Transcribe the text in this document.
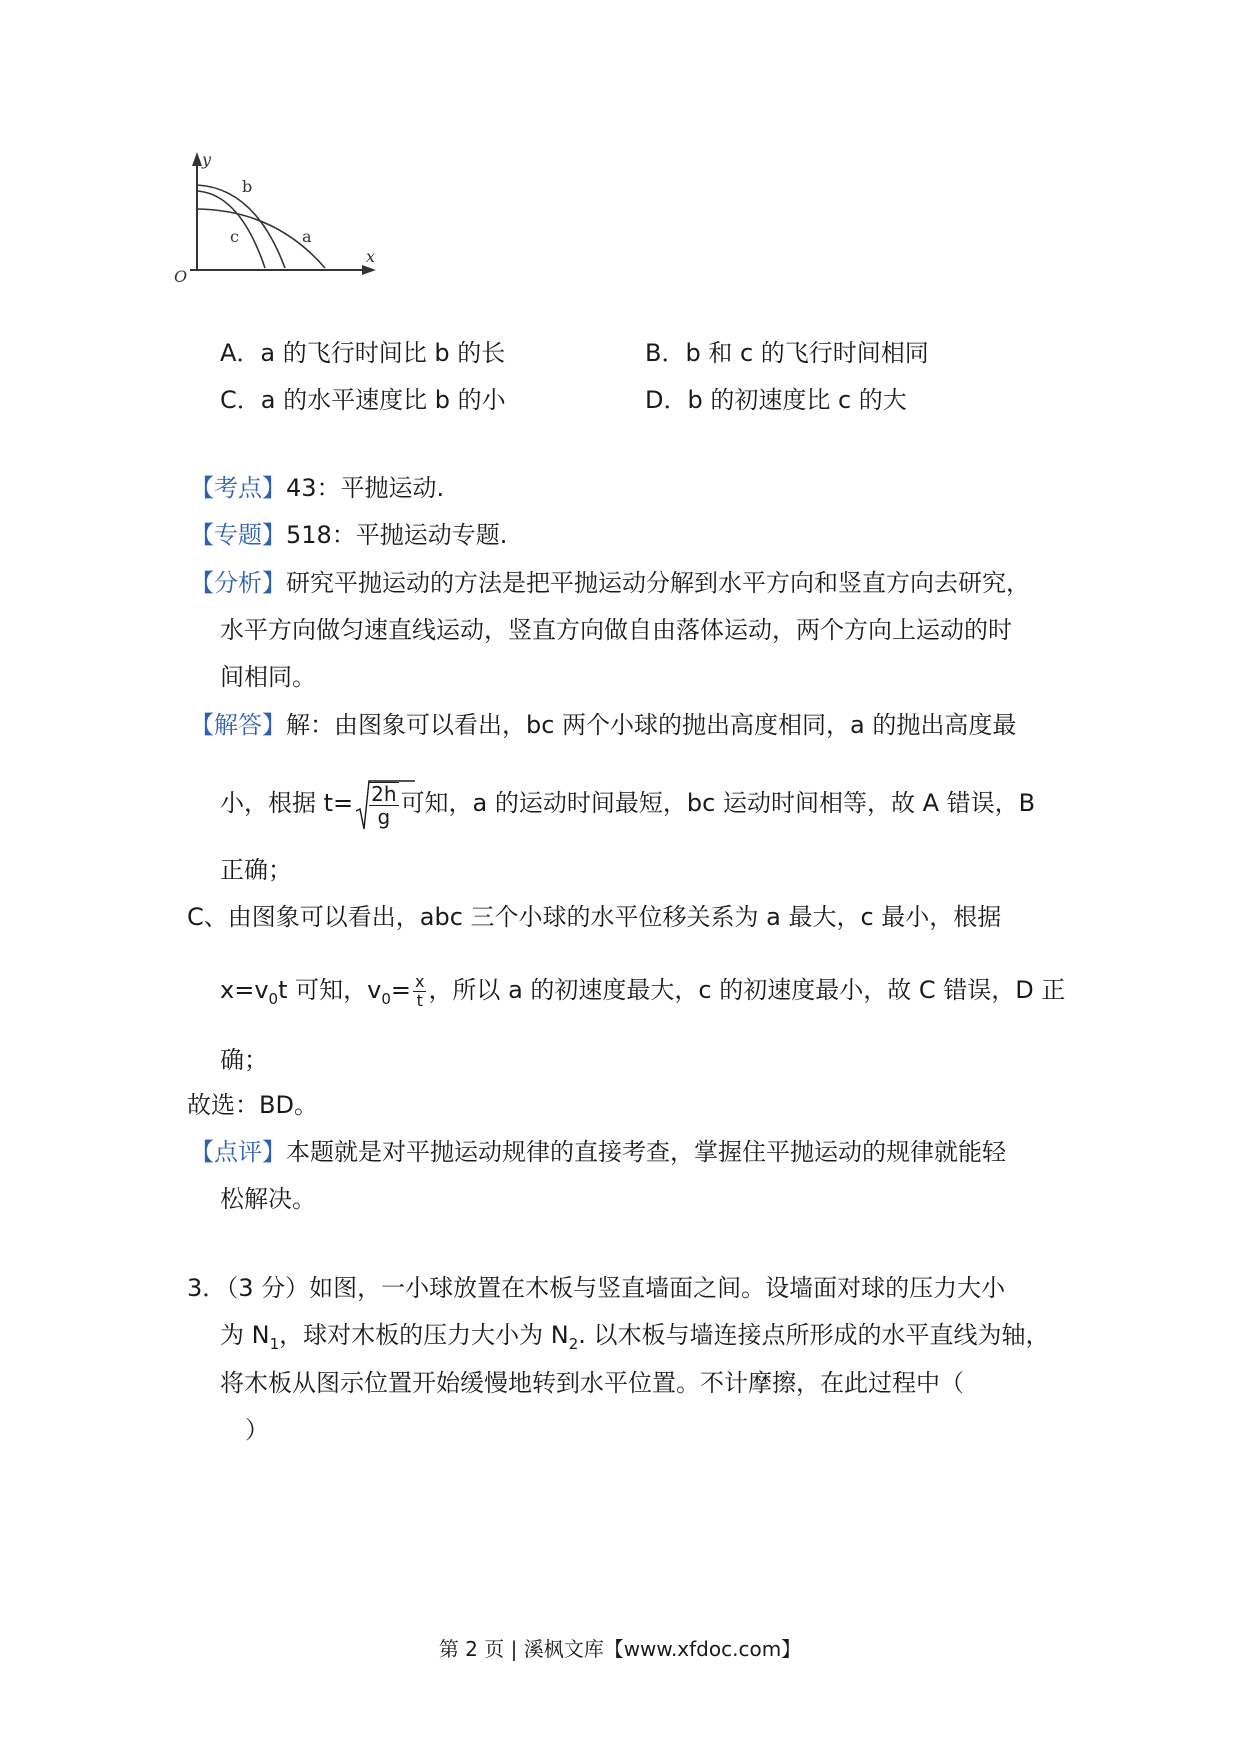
y
x
O
b
c	a
A．a 的飞行时间比 b 的长	B．b 和 c 的飞行时间相同
C．a 的水平速度比 b 的小	D．b 的初速度比 c 的大
【考点】43：平抛运动.
【专题】518：平抛运动专题.
【分析】研究平抛运动的方法是把平抛运动分解到水平方向和竖直方向去研究，
水平方向做匀速直线运动，竖直方向做自由落体运动，两个方向上运动的时
间相同。
【解答】解：由图象可以看出，bc 两个小球的抛出高度相同，a 的抛出高度最
小，根据 $t= \frac{2h}{g}$ 可知，a 的运动时间最短，bc 运动时间相等，故 A 错误，B
正确；
C、由图象可以看出，abc 三个小球的水平位移关系为 a 最大，c 最小，根据
$x=v_0t$ 可知，$v_0= \frac{x}{t}$ ，所以 a 的初速度最大，c 的初速度最小，故 C 错误，D 正
确；
故选：BD。
【点评】本题就是对平抛运动规律的直接考查，掌握住平抛运动的规律就能轻
松解决。
3．（3 分）如图，一小球放置在木板与竖直墙面之间。设墙面对球的压力大小
为 $N_1$，球对木板的压力大小为 $N_2$. 以木板与墙连接点所形成的水平直线为轴，
将木板从图示位置开始缓慢地转到水平位置。不计摩擦，在此过程中（
）
第 2 页 | 溪枫文库【www.xfdoc.com】
